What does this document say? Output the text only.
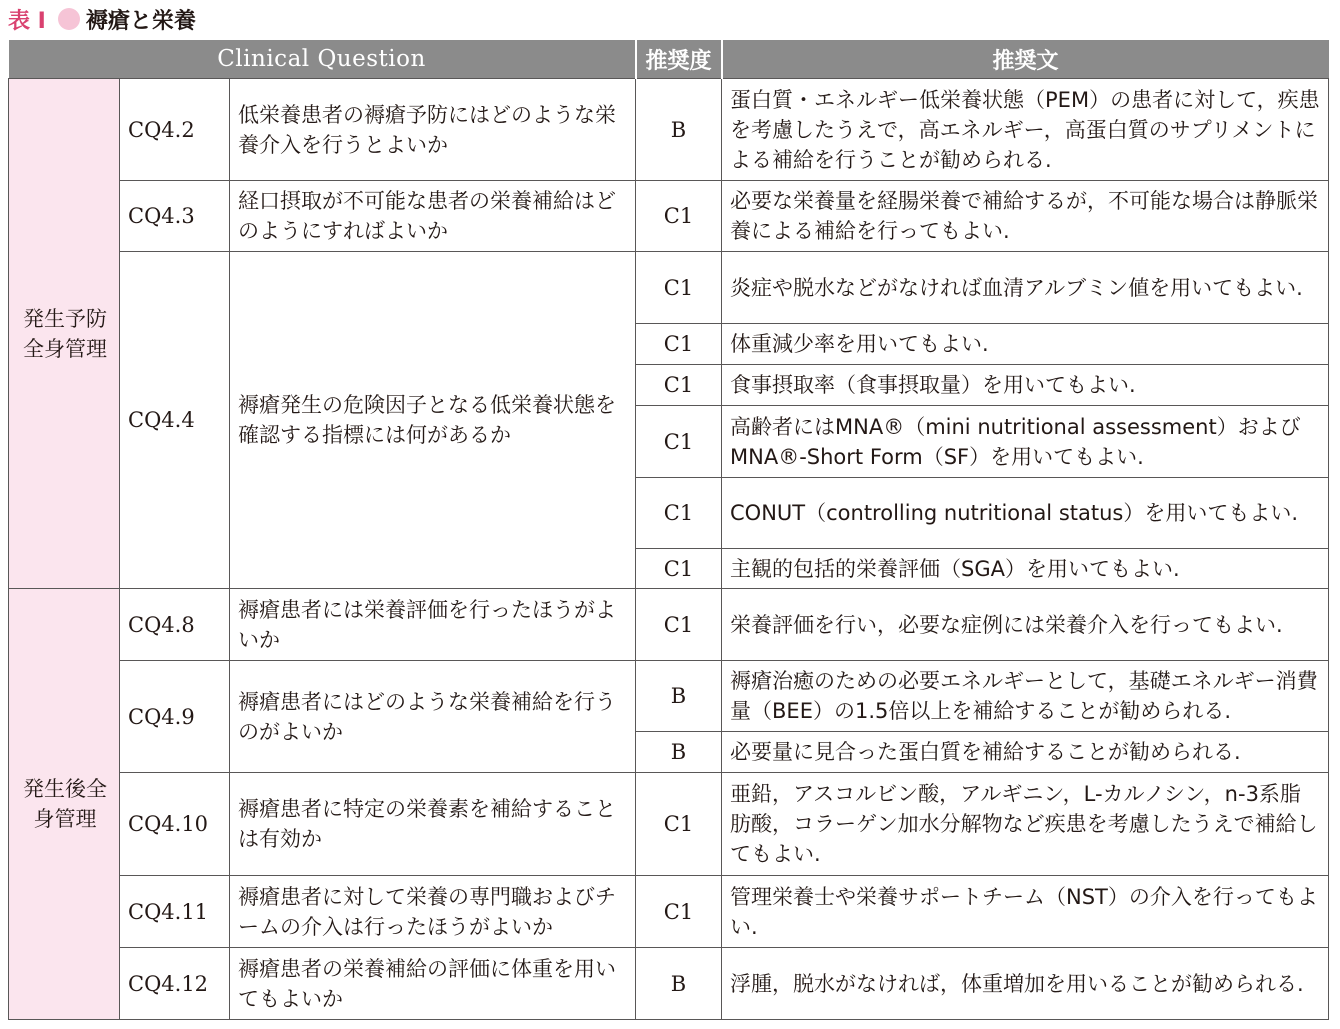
表 I 褥瘡と栄養
Clinical Question			推奨度	推奨文
発生予防全身管理	CQ4.2	低栄養患者の褥瘡予防にはどのような栄養介入を行うとよいか	B	蛋白質・エネルギー低栄養状態（PEM）の患者に対して，疾患を考慮したうえで，高エネルギー，高蛋白質のサプリメントによる補給を行うことが勧められる.
	CQ4.3	経口摂取が不可能な患者の栄養補給はどのようにすればよいか	C1	必要な栄養量を経腸栄養で補給するが，不可能な場合は静脈栄養による補給を行ってもよい.
	CQ4.4	褥瘡発生の危険因子となる低栄養状態を確認する指標には何があるか	C1	炎症や脱水などがなければ血清アルブミン値を用いてもよい.
			C1	体重減少率を用いてもよい.
			C1	食事摂取率（食事摂取量）を用いてもよい.
			C1	高齢者にはMNA®（mini nutritional assessment）およびMNA®-Short Form（SF）を用いてもよい.
			C1	CONUT（controlling nutritional status）を用いてもよい.
			C1	主観的包括的栄養評価（SGA）を用いてもよい.
発生後全身管理	CQ4.8	褥瘡患者には栄養評価を行ったほうがよいか	C1	栄養評価を行い，必要な症例には栄養介入を行ってもよい.
	CQ4.9	褥瘡患者にはどのような栄養補給を行うのがよいか	B	褥瘡治癒のための必要エネルギーとして，基礎エネルギー消費量（BEE）の1.5倍以上を補給することが勧められる.
			B	必要量に見合った蛋白質を補給することが勧められる.
	CQ4.10	褥瘡患者に特定の栄養素を補給することは有効か	C1	亜鉛，アスコルビン酸，アルギニン，L-カルノシン，n-3系脂肪酸，コラーゲン加水分解物など疾患を考慮したうえで補給してもよい.
	CQ4.11	褥瘡患者に対して栄養の専門職およびチームの介入は行ったほうがよいか	C1	管理栄養士や栄養サポートチーム（NST）の介入を行ってもよい.
	CQ4.12	褥瘡患者の栄養補給の評価に体重を用いてもよいか	B	浮腫，脱水がなければ，体重増加を用いることが勧められる.
